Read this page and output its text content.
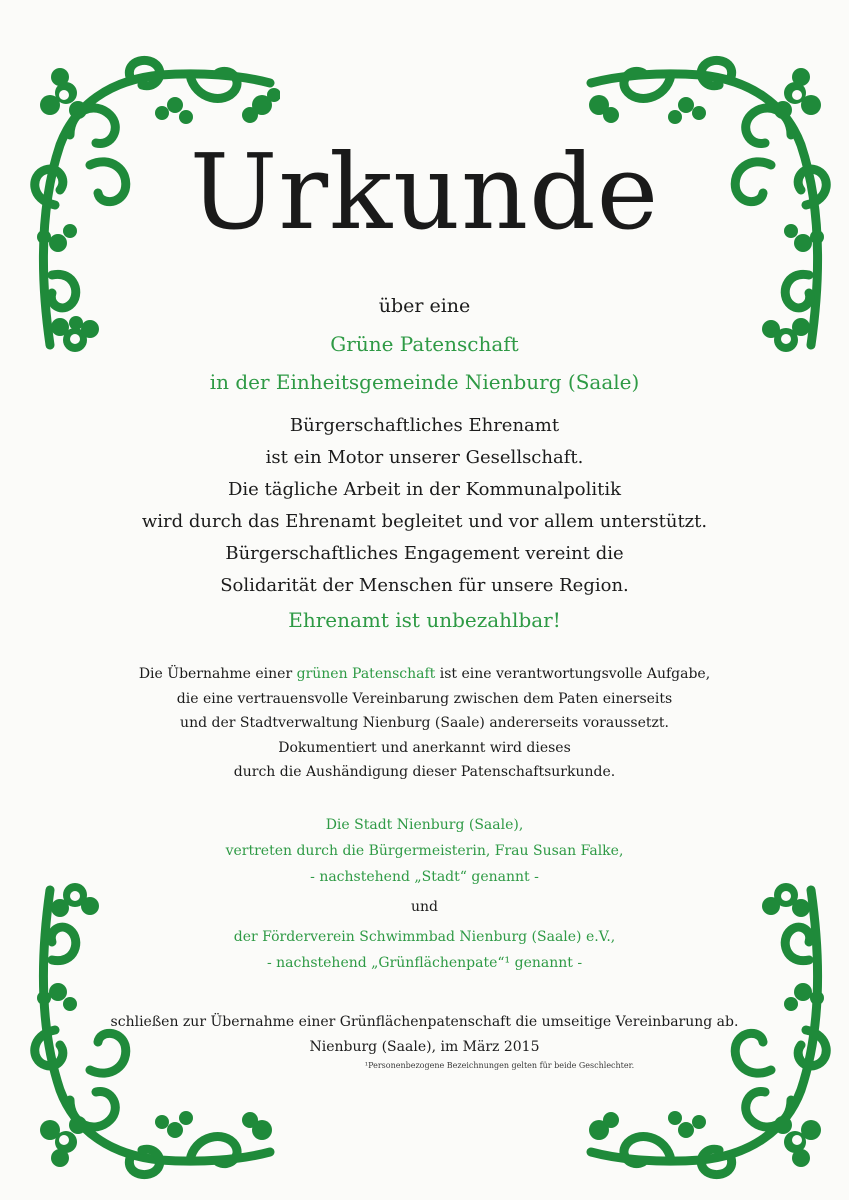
Urkunde
über eine
Grüne Patenschaft
in der Einheitsgemeinde Nienburg (Saale)
Bürgerschaftliches Ehrenamt
ist ein Motor unserer Gesellschaft.
Die tägliche Arbeit in der Kommunalpolitik
wird durch das Ehrenamt begleitet und vor allem unterstützt.
Bürgerschaftliches Engagement vereint die
Solidarität der Menschen für unsere Region.
Ehrenamt ist unbezahlbar!
Die Übernahme einer grünen Patenschaft ist eine verantwortungsvolle Aufgabe,
die eine vertrauensvolle Vereinbarung zwischen dem Paten einerseits
und der Stadtverwaltung Nienburg (Saale) andererseits voraussetzt.
Dokumentiert und anerkannt wird dieses
durch die Aushändigung dieser Patenschaftsurkunde.
Die Stadt Nienburg (Saale),
vertreten durch die Bürgermeisterin, Frau Susan Falke,
- nachstehend „Stadt“ genannt -
und
der Förderverein Schwimmbad Nienburg (Saale) e.V.,
- nachstehend „Grünflächenpate“¹ genannt -
schließen zur Übernahme einer Grünflächenpatenschaft die umseitige Vereinbarung ab.
Nienburg (Saale), im März 2015
¹Personenbezogene Bezeichnungen gelten für beide Geschlechter.
